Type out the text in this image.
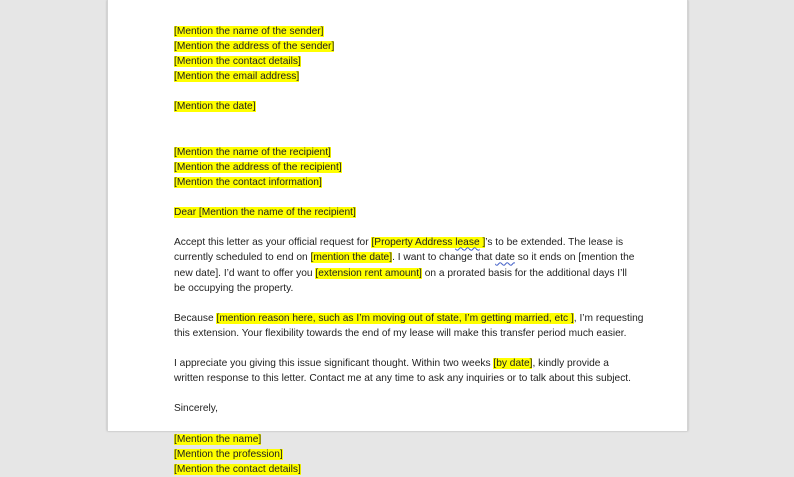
[Mention the name of the sender]
[Mention the address of the sender]
[Mention the contact details]
[Mention the email address]
[Mention the date]
[Mention the name of the recipient]
[Mention the address of the recipient]
[Mention the contact information]
Dear [Mention the name of the recipient]
Accept this letter as your official request for [Property Address lease ]’s to be extended. The lease is
currently scheduled to end on [mention the date]. I want to change that date so it ends on [mention the
new date]. I’d want to offer you [extension rent amount] on a prorated basis for the additional days I’ll
be occupying the property.
Because [mention reason here, such as I’m moving out of state, I’m getting married, etc ], I’m requesting
this extension. Your flexibility towards the end of my lease will make this transfer period much easier.
I appreciate you giving this issue significant thought. Within two weeks [by date], kindly provide a
written response to this letter. Contact me at any time to ask any inquiries or to talk about this subject.
Sincerely,
[Mention the name]
[Mention the profession]
[Mention the contact details]
